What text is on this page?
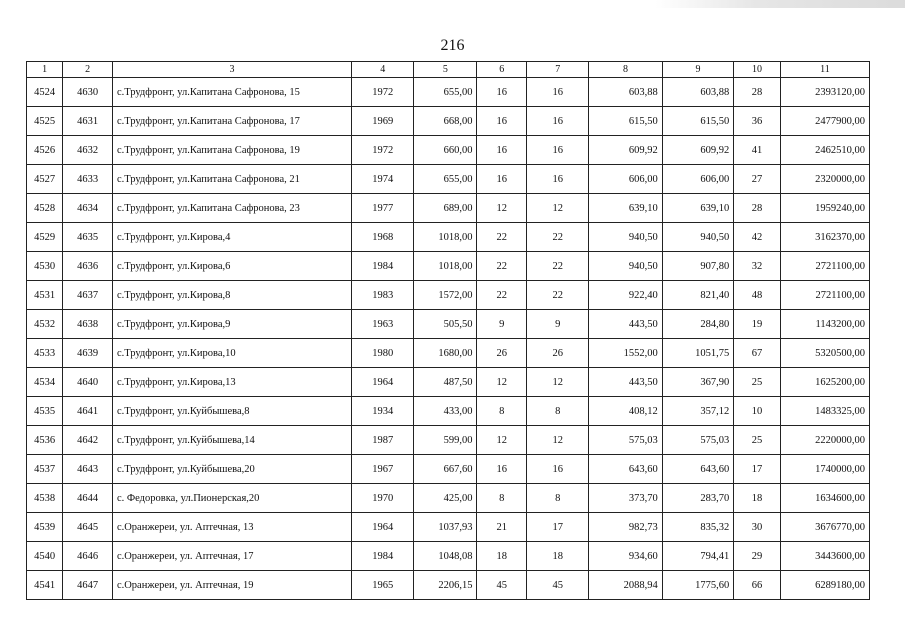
216
1	2	3	4	5	6	7	8	9	10	11
4524	4630	с.Трудфронт, ул.Капитана Сафронова, 15	1972	655,00	16	16	603,88	603,88	28	2393120,00
4525	4631	с.Трудфронт, ул.Капитана Сафронова, 17	1969	668,00	16	16	615,50	615,50	36	2477900,00
4526	4632	с.Трудфронт, ул.Капитана Сафронова, 19	1972	660,00	16	16	609,92	609,92	41	2462510,00
4527	4633	с.Трудфронт, ул.Капитана Сафронова, 21	1974	655,00	16	16	606,00	606,00	27	2320000,00
4528	4634	с.Трудфронт, ул.Капитана Сафронова, 23	1977	689,00	12	12	639,10	639,10	28	1959240,00
4529	4635	с.Трудфронт, ул.Кирова,4	1968	1018,00	22	22	940,50	940,50	42	3162370,00
4530	4636	с.Трудфронт, ул.Кирова,6	1984	1018,00	22	22	940,50	907,80	32	2721100,00
4531	4637	с.Трудфронт, ул.Кирова,8	1983	1572,00	22	22	922,40	821,40	48	2721100,00
4532	4638	с.Трудфронт, ул.Кирова,9	1963	505,50	9	9	443,50	284,80	19	1143200,00
4533	4639	с.Трудфронт, ул.Кирова,10	1980	1680,00	26	26	1552,00	1051,75	67	5320500,00
4534	4640	с.Трудфронт, ул.Кирова,13	1964	487,50	12	12	443,50	367,90	25	1625200,00
4535	4641	с.Трудфронт, ул.Куйбышева,8	1934	433,00	8	8	408,12	357,12	10	1483325,00
4536	4642	с.Трудфронт, ул.Куйбышева,14	1987	599,00	12	12	575,03	575,03	25	2220000,00
4537	4643	с.Трудфронт, ул.Куйбышева,20	1967	667,60	16	16	643,60	643,60	17	1740000,00
4538	4644	с. Федоровка, ул.Пионерская,20	1970	425,00	8	8	373,70	283,70	18	1634600,00
4539	4645	с.Оранжереи, ул. Аптечная, 13	1964	1037,93	21	17	982,73	835,32	30	3676770,00
4540	4646	с.Оранжереи, ул. Аптечная, 17	1984	1048,08	18	18	934,60	794,41	29	3443600,00
4541	4647	с.Оранжереи, ул. Аптечная, 19	1965	2206,15	45	45	2088,94	1775,60	66	6289180,00
